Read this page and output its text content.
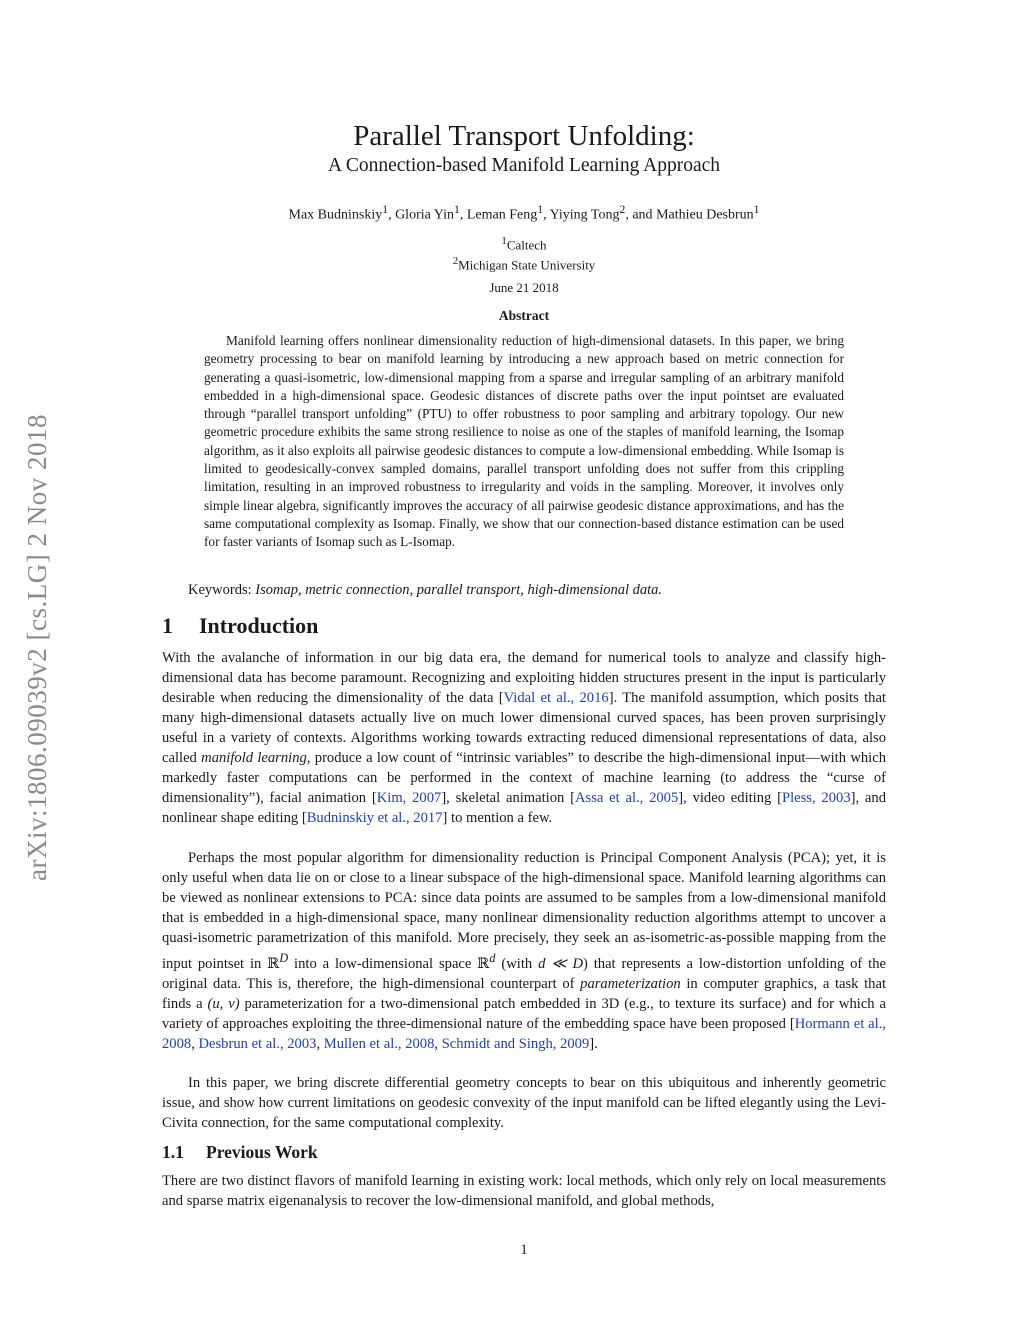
arXiv:1806.09039v2 [cs.LG] 2 Nov 2018
Parallel Transport Unfolding:
A Connection-based Manifold Learning Approach
Max Budninskiy$^1$, Gloria Yin$^1$, Leman Feng$^1$, Yiying Tong$^2$, and Mathieu Desbrun$^1$
$^1$Caltech
$^2$Michigan State University
June 21 2018
Abstract
Manifold learning offers nonlinear dimensionality reduction of high-dimensional datasets. In this paper, we bring geometry processing to bear on manifold learning by introducing a new approach based on metric connection for generating a quasi-isometric, low-dimensional mapping from a sparse and irregular sampling of an arbitrary manifold embedded in a high-dimensional space. Geodesic distances of discrete paths over the input pointset are evaluated through “parallel transport unfolding” (PTU) to offer robustness to poor sampling and arbitrary topology. Our new geometric procedure exhibits the same strong resilience to noise as one of the staples of manifold learning, the Isomap algorithm, as it also exploits all pairwise geodesic distances to compute a low-dimensional embedding. While Isomap is limited to geodesically-convex sampled domains, parallel transport unfolding does not suffer from this crippling limitation, resulting in an improved robustness to irregularity and voids in the sampling. Moreover, it involves only simple linear algebra, significantly improves the accuracy of all pairwise geodesic distance approximations, and has the same computational complexity as Isomap. Finally, we show that our connection-based distance estimation can be used for faster variants of Isomap such as L-Isomap.
Keywords: Isomap, metric connection, parallel transport, high-dimensional data.
1 Introduction
With the avalanche of information in our big data era, the demand for numerical tools to analyze and classify high-dimensional data has become paramount. Recognizing and exploiting hidden structures present in the input is particularly desirable when reducing the dimensionality of the data [Vidal et al., 2016]. The manifold assumption, which posits that many high-dimensional datasets actually live on much lower dimensional curved spaces, has been proven surprisingly useful in a variety of contexts. Algorithms working towards extracting reduced dimensional representations of data, also called manifold learning, produce a low count of “intrinsic variables” to describe the high-dimensional input—with which markedly faster computations can be performed in the context of machine learning (to address the “curse of dimensionality”), facial animation [Kim, 2007], skeletal animation [Assa et al., 2005], video editing [Pless, 2003], and nonlinear shape editing [Budninskiy et al., 2017] to mention a few.
Perhaps the most popular algorithm for dimensionality reduction is Principal Component Analysis (PCA); yet, it is only useful when data lie on or close to a linear subspace of the high-dimensional space. Manifold learning algorithms can be viewed as nonlinear extensions to PCA: since data points are assumed to be samples from a low-dimensional manifold that is embedded in a high-dimensional space, many nonlinear dimensionality reduction algorithms attempt to uncover a quasi-isometric parametrization of this manifold. More precisely, they seek an as-isometric-as-possible mapping from the input pointset in ℝ$^D$ into a low-dimensional space ℝ$^d$ (with d ≪ D) that represents a low-distortion unfolding of the original data. This is, therefore, the high-dimensional counterpart of parameterization in computer graphics, a task that finds a (u, v) parameterization for a two-dimensional patch embedded in 3D (e.g., to texture its surface) and for which a variety of approaches exploiting the three-dimensional nature of the embedding space have been proposed [Hormann et al., 2008, Desbrun et al., 2003, Mullen et al., 2008, Schmidt and Singh, 2009].
In this paper, we bring discrete differential geometry concepts to bear on this ubiquitous and inherently geometric issue, and show how current limitations on geodesic convexity of the input manifold can be lifted elegantly using the Levi-Civita connection, for the same computational complexity.
1.1 Previous Work
There are two distinct flavors of manifold learning in existing work: local methods, which only rely on local measurements and sparse matrix eigenanalysis to recover the low-dimensional manifold, and global methods,
1
